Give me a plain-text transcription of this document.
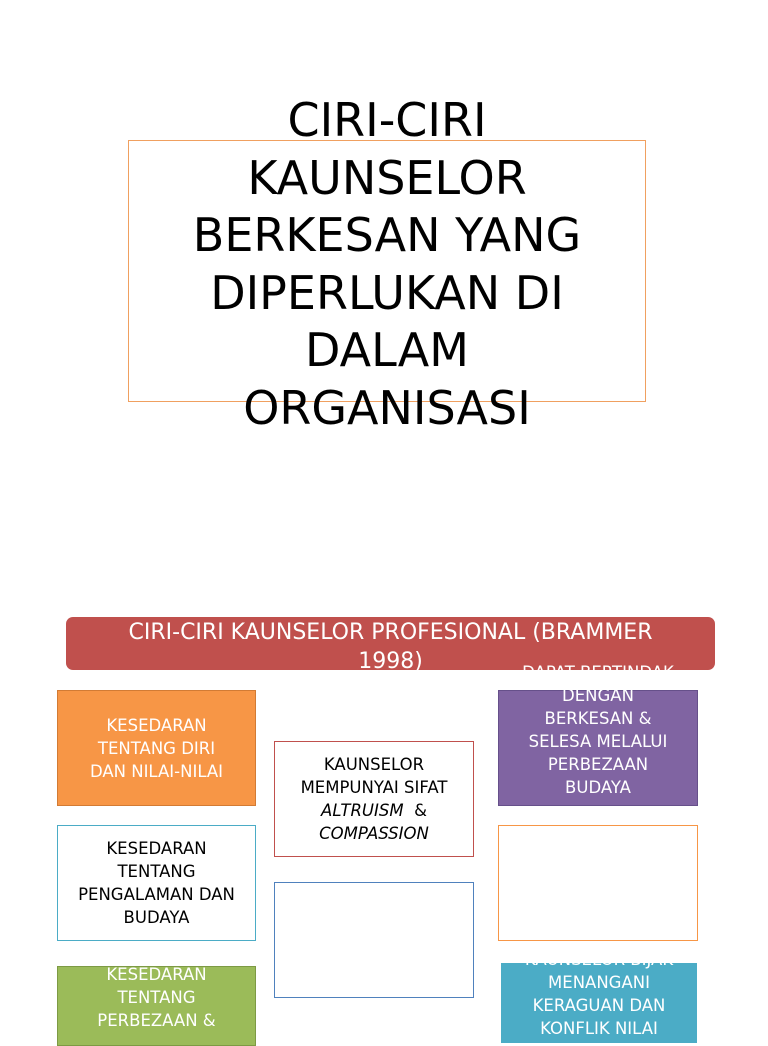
CIRI-CIRI
KAUNSELOR
BERKESAN YANG
DIPERLUKAN DI
DALAM
ORGANISASI
CIRI-CIRI KAUNSELOR PROFESIONAL (BRAMMER
1998)
KESEDARAN
TENTANG DIRI
DAN NILAI-NILAI	KAUNSELOR
MEMPUNYAI SIFAT
ALTRUISM &
COMPASSION
DAPAT BERTINDAK
DENGAN
BERKESAN &
SELESA MELALUI
PERBEZAAN
BUDAYA
KESEDARAN
TENTANG
PENGALAMAN DAN
BUDAYA
KESEDARAN
TENTANG
PERBEZAAN &
KAUNSELOR BIJAK
MENANGANI
KERAGUAN DAN
KONFLIK NILAI
